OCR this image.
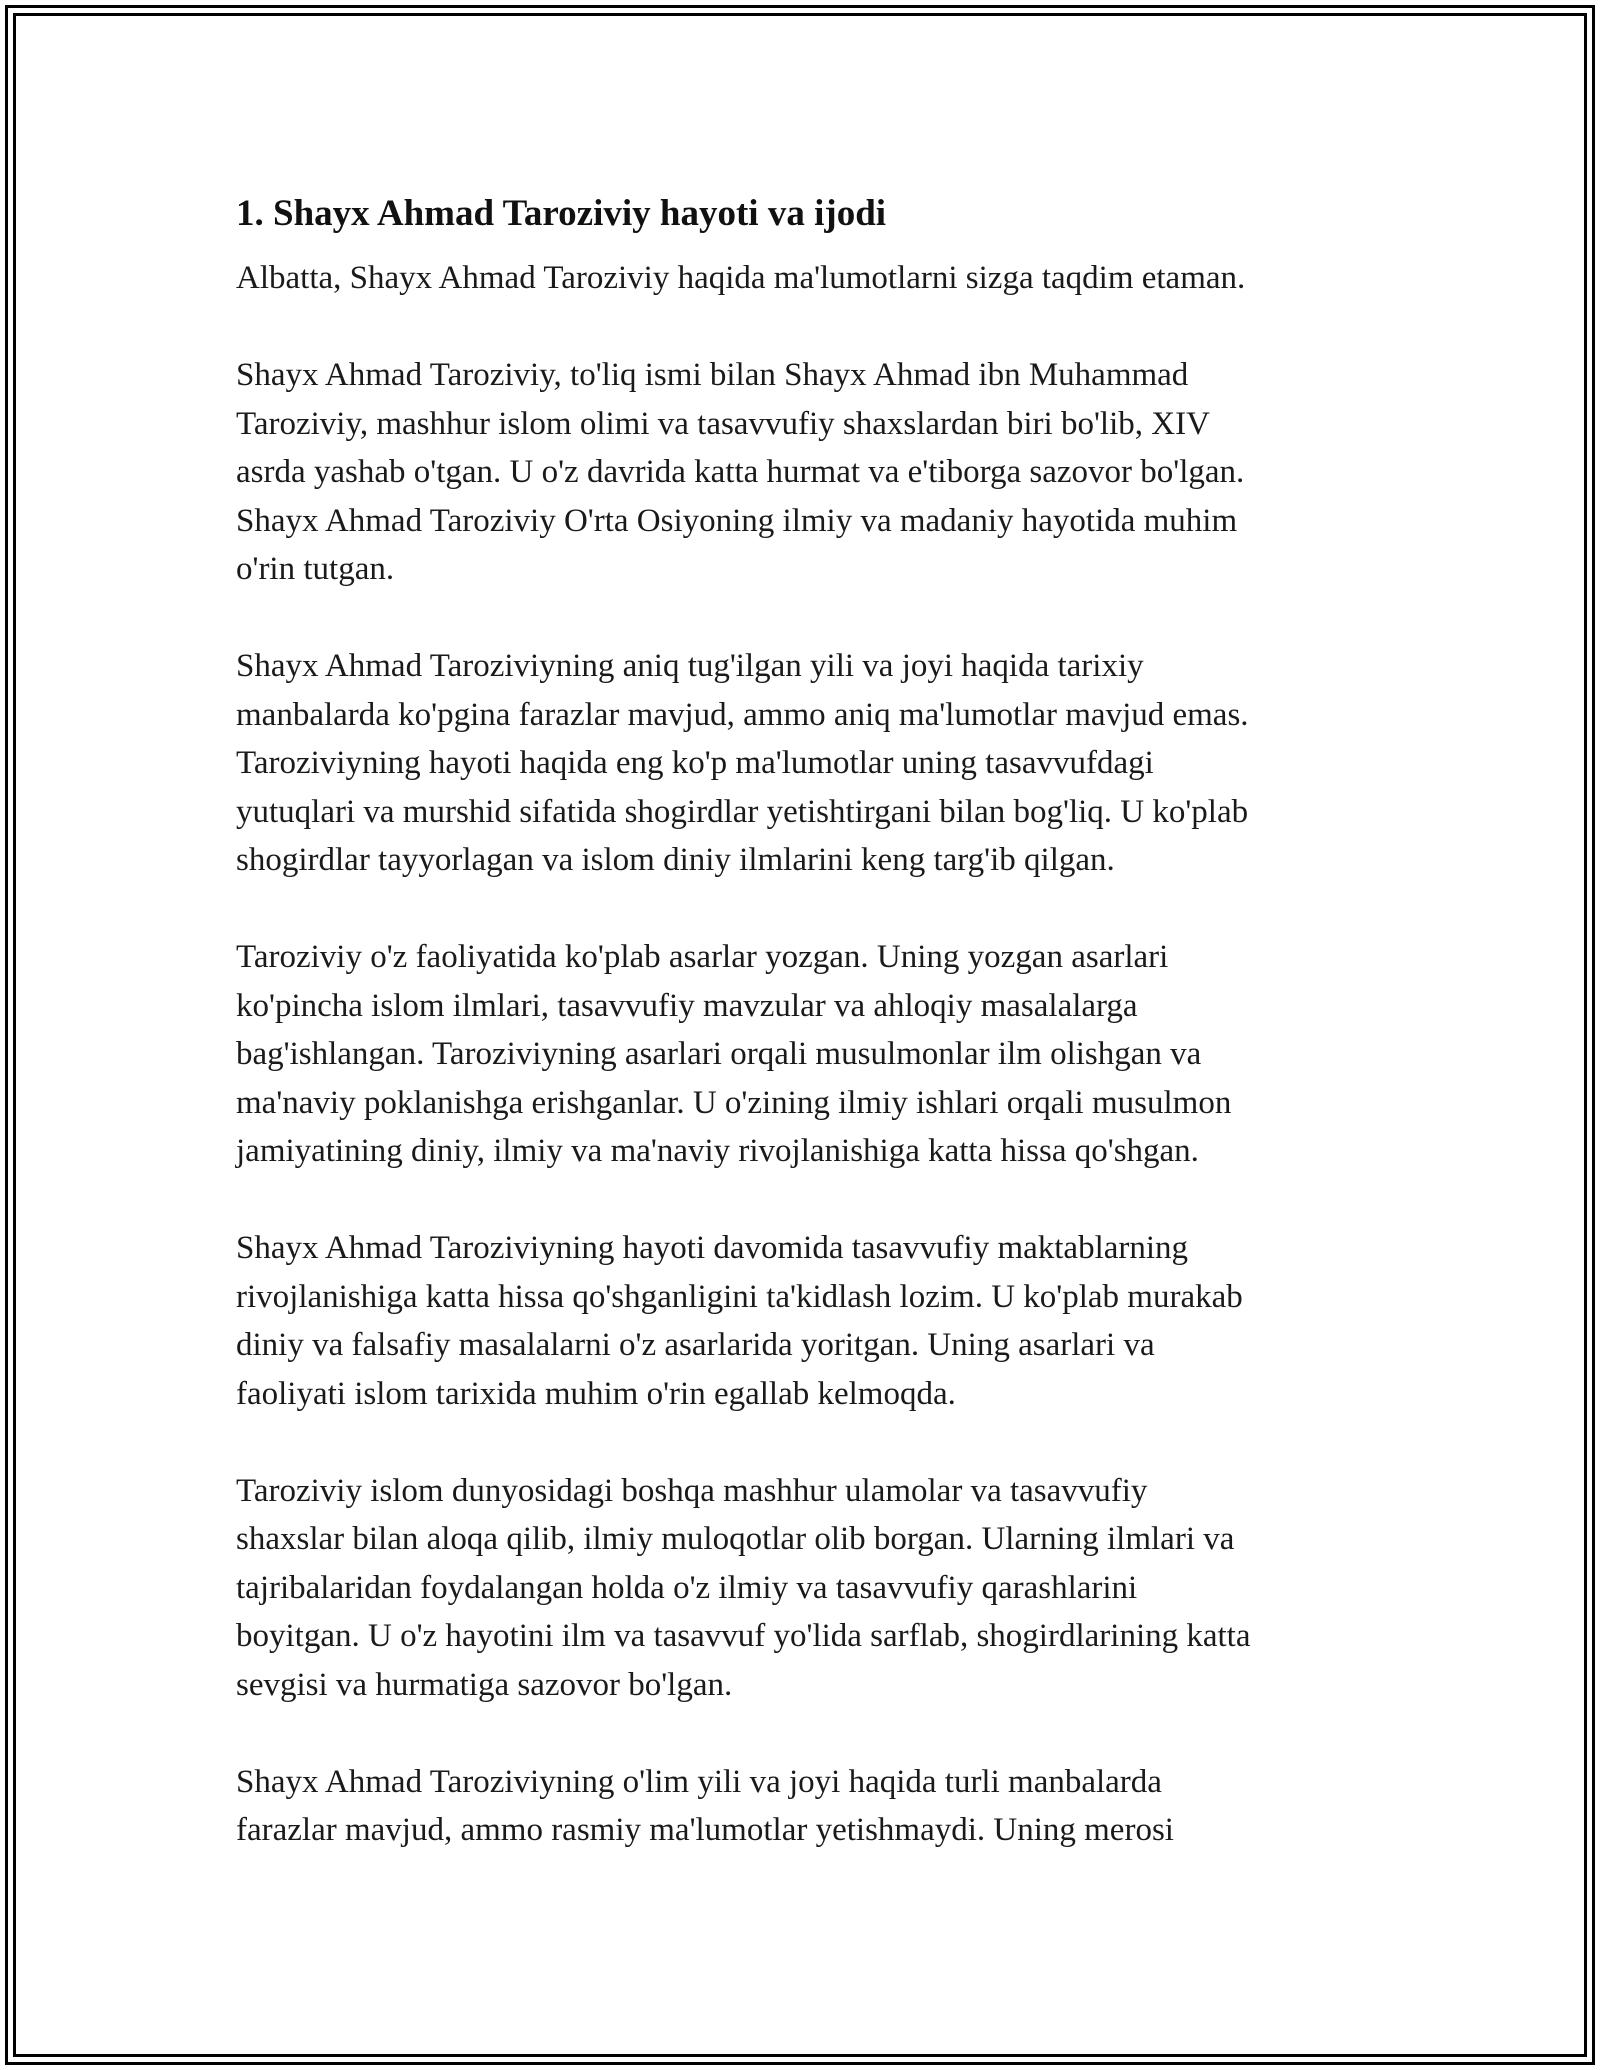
1. Shayx Ahmad Taroziviy hayoti va ijodi

Albatta, Shayx Ahmad Taroziviy haqida ma'lumotlarni sizga taqdim etaman.

Shayx Ahmad Taroziviy, to'liq ismi bilan Shayx Ahmad ibn Muhammad
Taroziviy, mashhur islom olimi va tasavvufiy shaxslardan biri bo'lib, XIV
asrda yashab o'tgan. U o'z davrida katta hurmat va e'tiborga sazovor bo'lgan.
Shayx Ahmad Taroziviy O'rta Osiyoning ilmiy va madaniy hayotida muhim
o'rin tutgan.

Shayx Ahmad Taroziviyning aniq tug'ilgan yili va joyi haqida tarixiy
manbalarda ko'pgina farazlar mavjud, ammo aniq ma'lumotlar mavjud emas.
Taroziviyning hayoti haqida eng ko'p ma'lumotlar uning tasavvufdagi
yutuqlari va murshid sifatida shogirdlar yetishtirgani bilan bog'liq. U ko'plab
shogirdlar tayyorlagan va islom diniy ilmlarini keng targ'ib qilgan.

Taroziviy o'z faoliyatida ko'plab asarlar yozgan. Uning yozgan asarlari
ko'pincha islom ilmlari, tasavvufiy mavzular va ahloqiy masalalarga
bag'ishlangan. Taroziviyning asarlari orqali musulmonlar ilm olishgan va
ma'naviy poklanishga erishganlar. U o'zining ilmiy ishlari orqali musulmon
jamiyatining diniy, ilmiy va ma'naviy rivojlanishiga katta hissa qo'shgan.

Shayx Ahmad Taroziviyning hayoti davomida tasavvufiy maktablarning
rivojlanishiga katta hissa qo'shganligini ta'kidlash lozim. U ko'plab murakab
diniy va falsafiy masalalarni o'z asarlarida yoritgan. Uning asarlari va
faoliyati islom tarixida muhim o'rin egallab kelmoqda.

Taroziviy islom dunyosidagi boshqa mashhur ulamolar va tasavvufiy
shaxslar bilan aloqa qilib, ilmiy muloqotlar olib borgan. Ularning ilmlari va
tajribalaridan foydalangan holda o'z ilmiy va tasavvufiy qarashlarini
boyitgan. U o'z hayotini ilm va tasavvuf yo'lida sarflab, shogirdlarining katta
sevgisi va hurmatiga sazovor bo'lgan.

Shayx Ahmad Taroziviyning o'lim yili va joyi haqida turli manbalarda
farazlar mavjud, ammo rasmiy ma'lumotlar yetishmaydi. Uning merosi
